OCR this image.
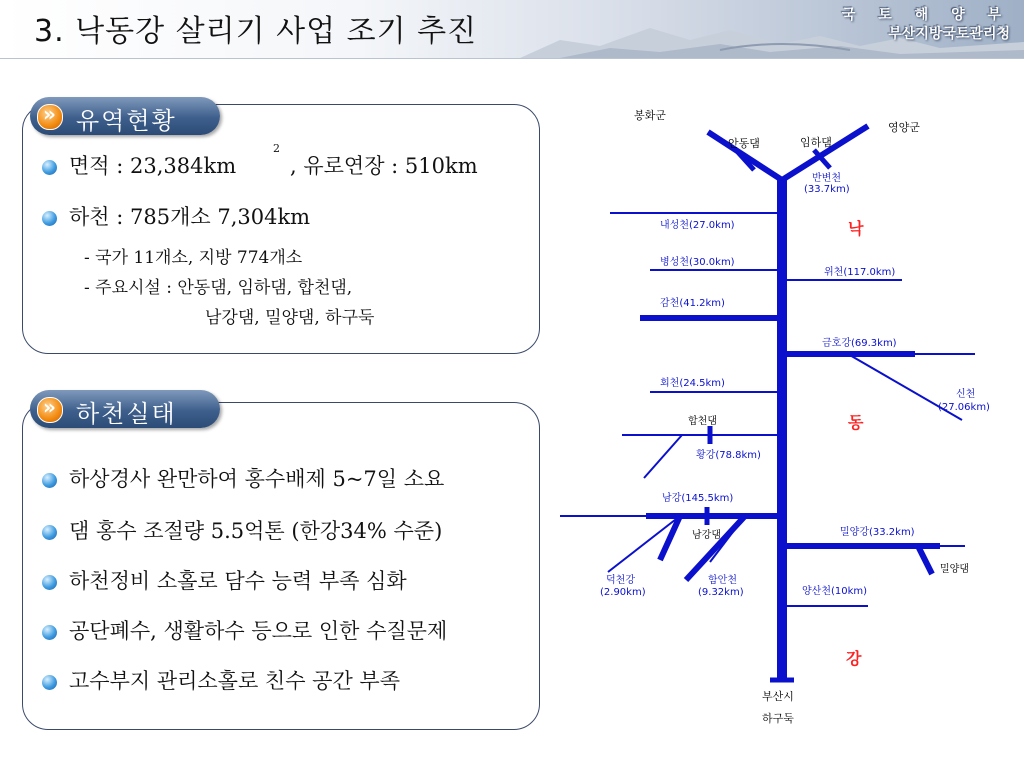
3. 낙동강 살리기 사업 조기 추진	국 토 해 양 부
부산지방국토관리청
»
유역현황
면적 : 23,384km
2
, 유로연장 : 510km
하천 : 785개소 7,304km
- 국가 11개소, 지방 774개소
- 주요시설 : 안동댐, 임하댐, 합천댐,
남강댐, 밀양댐, 하구둑
»
하천실태
하상경사 완만하여 홍수배제 5~7일 소요
댐 홍수 조절량 5.5억톤 (한강34% 수준)
하천정비 소홀로 담수 능력 부족 심화
공단폐수, 생활하수 등으로 인한 수질문제
고수부지 관리소홀로 친수 공간 부족
봉화군
영양군
안동댐	임하댐
부산시
하구둑
반변천
(33.7km)
내성천(27.0km)
병성천(30.0km)
위천(117.0km)
감천(41.2km)
금호강(69.3km)
회천(24.5km)
신천
(27.06km)
황강(78.8km)
남강(145.5km)
밀양강(33.2km)
덕천강
(2.90km)
함안천
(9.32km)	양산천(10km)
합천댐
남강댐
밀양댐
낙
동
강
